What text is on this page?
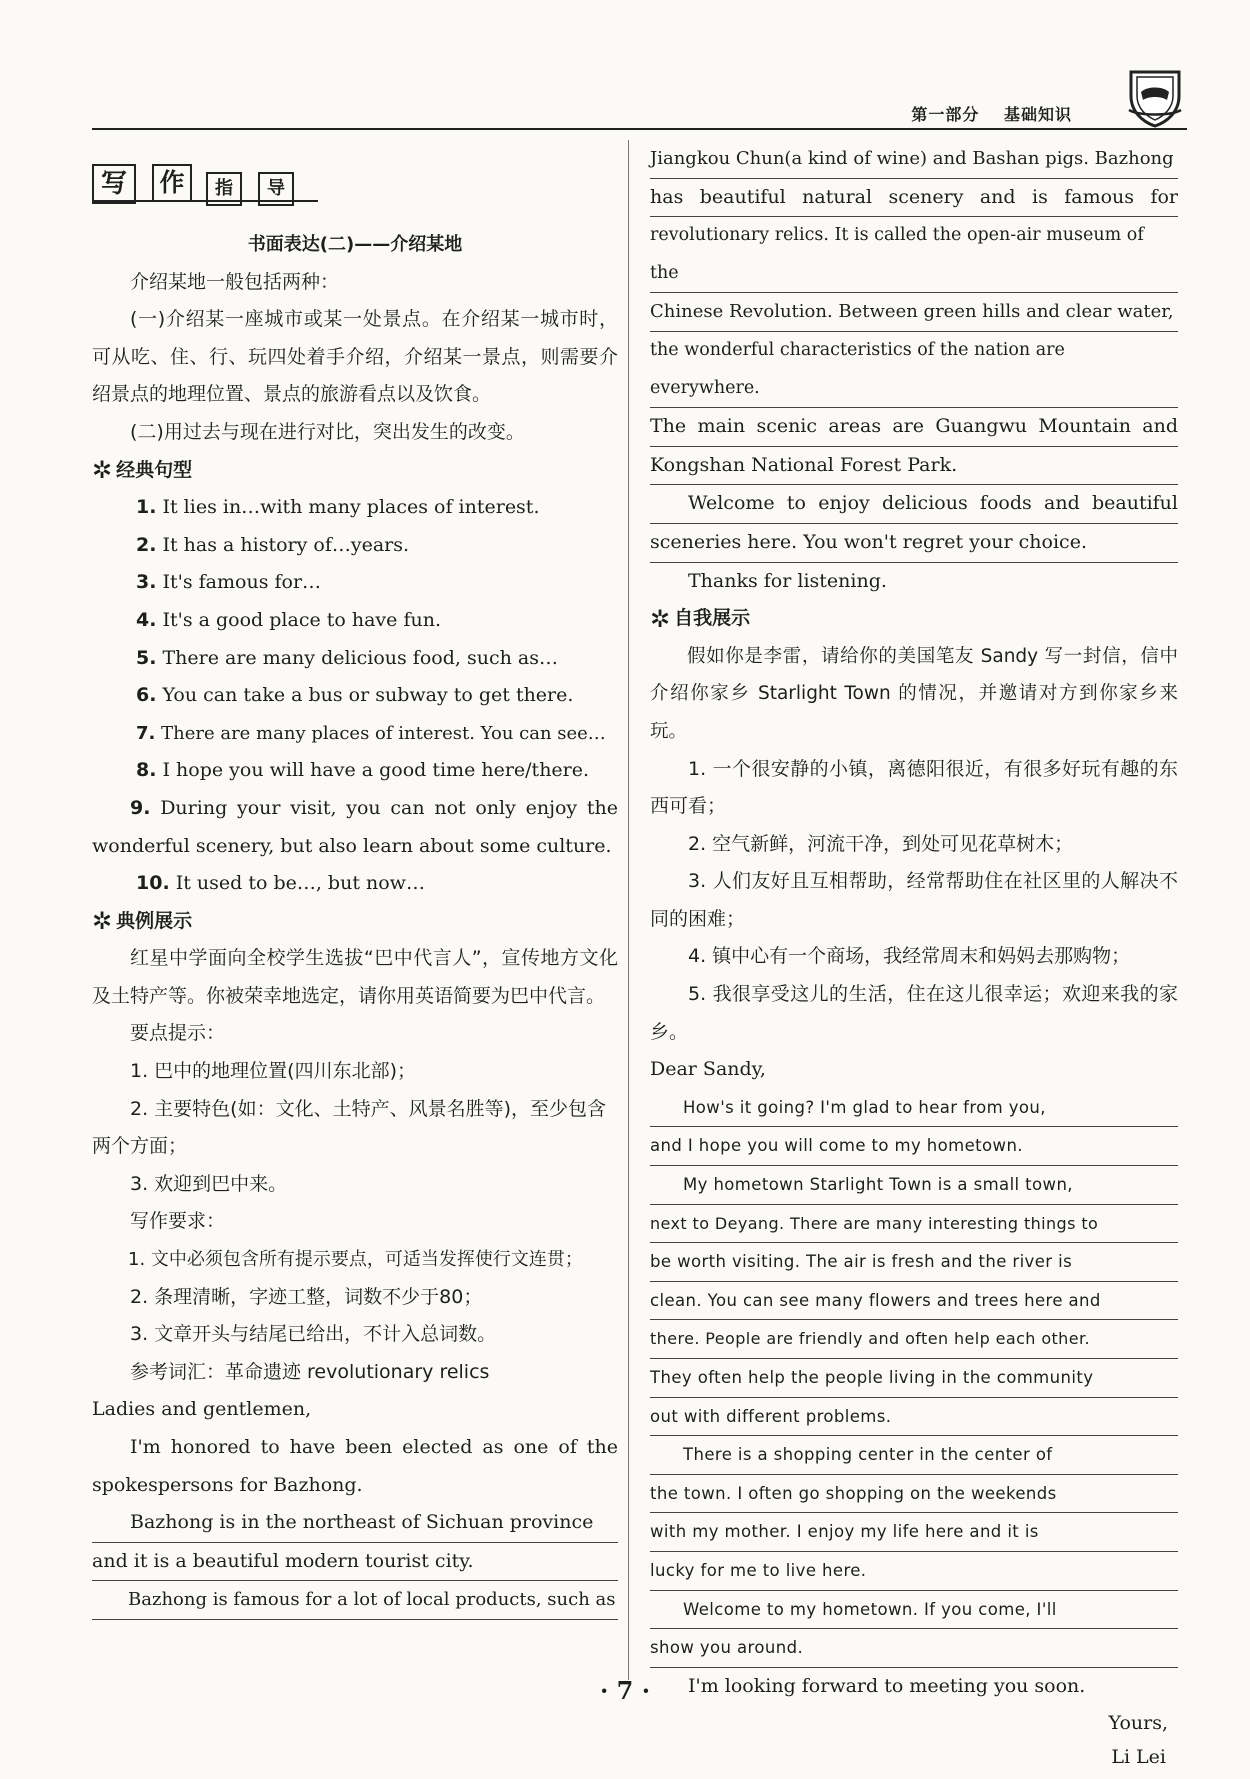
第一部分 基础知识
写	作	指	导
书面表达(二)——介绍某地
介绍某地一般包括两种：
(一)介绍某一座城市或某一处景点。在介绍某一城市时，可从吃、住、行、玩四处着手介绍，介绍某一景点，则需要介绍景点的地理位置、景点的旅游看点以及饮食。
(二)用过去与现在进行对比，突出发生的改变。
✲ 经典句型
1. It lies in…with many places of interest.
2. It has a history of…years.
3. It's famous for…
4. It's a good place to have fun.
5. There are many delicious food, such as…
6. You can take a bus or subway to get there.
7. There are many places of interest. You can see…
8. I hope you will have a good time here/there.
9. During your visit, you can not only enjoy the wonderful scenery, but also learn about some culture.
10. It used to be…, but now…
✲ 典例展示
红星中学面向全校学生选拔“巴中代言人”，宣传地方文化及土特产等。你被荣幸地选定，请你用英语简要为巴中代言。
要点提示：
1. 巴中的地理位置(四川东北部)；
2. 主要特色(如：文化、土特产、风景名胜等)，至少包含两个方面；
3. 欢迎到巴中来。
写作要求：
1. 文中必须包含所有提示要点，可适当发挥使行文连贯；
2. 条理清晰，字迹工整，词数不少于80；
3. 文章开头与结尾已给出，不计入总词数。
参考词汇：革命遗迹 revolutionary relics
Ladies and gentlemen,
I'm honored to have been elected as one of the
spokespersons for Bazhong.
Bazhong is in the northeast of Sichuan province
and it is a beautiful modern tourist city.
Bazhong is famous for a lot of local products, such as
Jiangkou Chun(a kind of wine) and Bashan pigs. Bazhong
has beautiful natural scenery and is famous for
revolutionary relics. It is called the open-air museum of the
Chinese Revolution. Between green hills and clear water,
the wonderful characteristics of the nation are everywhere.
The main scenic areas are Guangwu Mountain and
Kongshan National Forest Park.
Welcome to enjoy delicious foods and beautiful
sceneries here. You won't regret your choice.
Thanks for listening.
✲ 自我展示
假如你是李雷，请给你的美国笔友 Sandy 写一封信，信中介绍你家乡 Starlight Town 的情况，并邀请对方到你家乡来玩。
1. 一个很安静的小镇，离德阳很近，有很多好玩有趣的东西可看；
2. 空气新鲜，河流干净，到处可见花草树木；
3. 人们友好且互相帮助，经常帮助住在社区里的人解决不同的困难；
4. 镇中心有一个商场，我经常周末和妈妈去那购物；
5. 我很享受这儿的生活，住在这儿很幸运；欢迎来我的家乡。
Dear Sandy,
How's it going? I'm glad to hear from you,
and I hope you will come to my hometown.
My hometown Starlight Town is a small town,
next to Deyang. There are many interesting things to
be worth visiting. The air is fresh and the river is
clean. You can see many flowers and trees here and
there. People are friendly and often help each other.
They often help the people living in the community
out with different problems.
There is a shopping center in the center of
the town. I often go shopping on the weekends
with my mother. I enjoy my life here and it is
lucky for me to live here.
Welcome to my hometown. If you come, I'll
show you around.
I'm looking forward to meeting you soon.
Yours,
Li Lei
· 7 ·
